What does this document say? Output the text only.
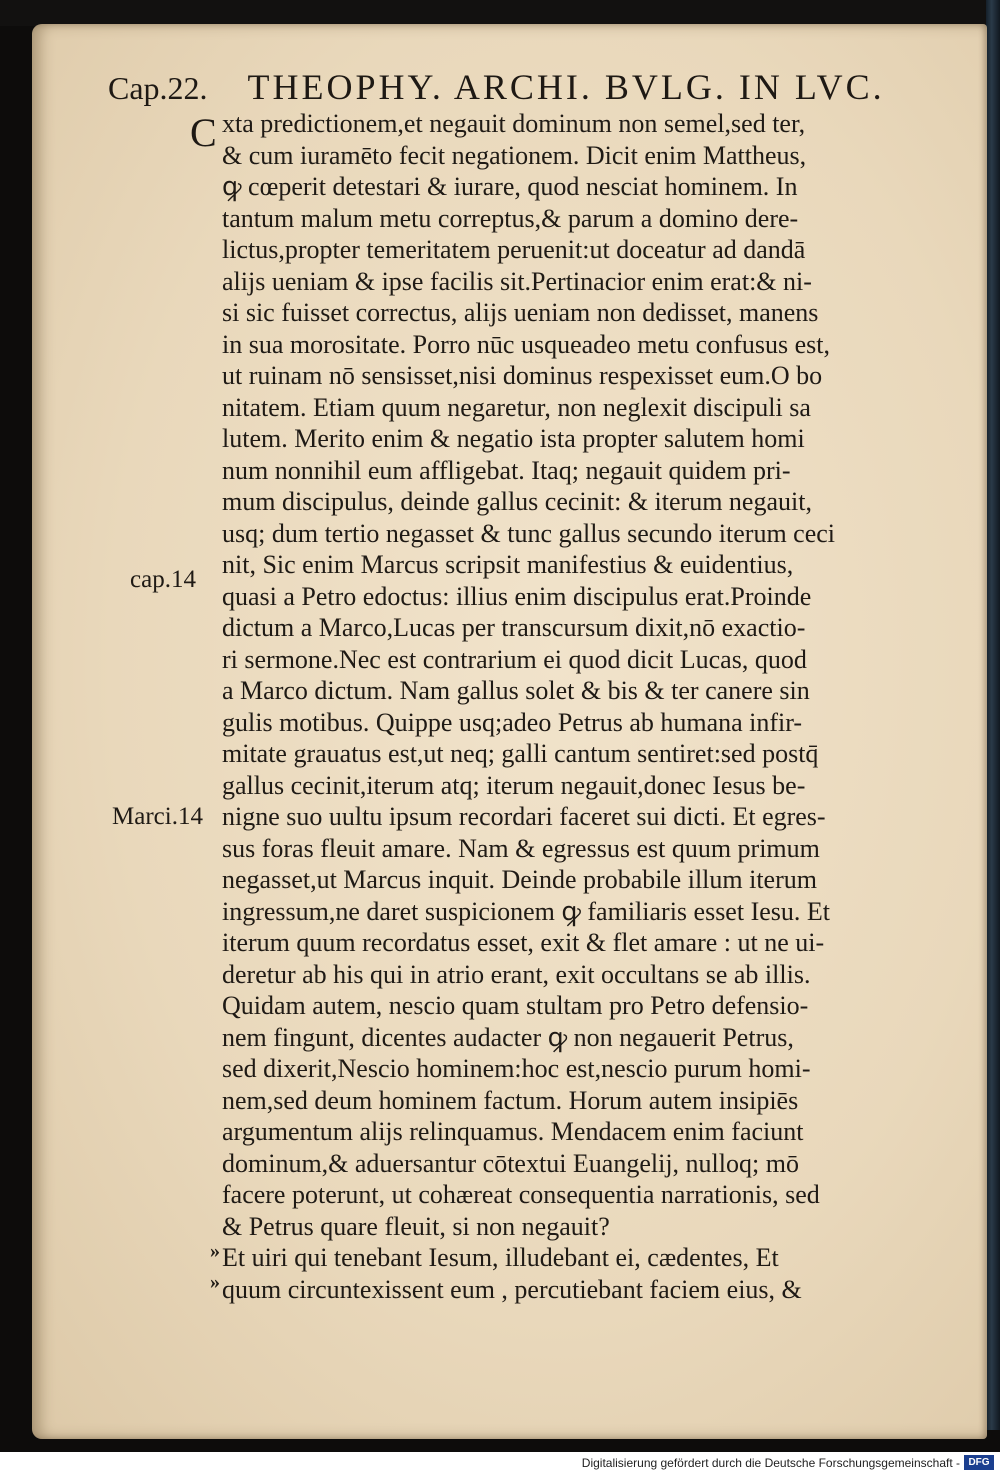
Cap.22. THEOPHY. ARCHI. BVLG. IN LVC.
C xta predictionem,et negauit dominum non semel,sed ter,
& cum iuramēto fecit negationem. Dicit enim Mattheus,
ꝙ cœperit detestari & iurare, quod nesciat hominem. In
tantum malum metu correptus,& parum a domino dere-
lictus,propter temeritatem peruenit:ut doceatur ad dandā
alijs ueniam & ipse facilis sit.Pertinacior enim erat:& ni-
si sic fuisset correctus, alijs ueniam non dedisset, manens
in sua morositate. Porro nūc usqueadeo metu confusus est,
ut ruinam nō sensisset,nisi dominus respexisset eum.O bo
nitatem. Etiam quum negaretur, non neglexit discipuli sa
lutem. Merito enim & negatio ista propter salutem homi
num nonnihil eum affligebat. Itaq; negauit quidem pri-
mum discipulus, deinde gallus cecinit: & iterum negauit,
usq; dum tertio negasset & tunc gallus secundo iterum ceci
nit, Sic enim Marcus scripsit manifestius & euidentius,
quasi a Petro edoctus: illius enim discipulus erat.Proinde
dictum a Marco,Lucas per transcursum dixit,nō exactio-
ri sermone.Nec est contrarium ei quod dicit Lucas, quod
a Marco dictum. Nam gallus solet & bis & ter canere sin
gulis motibus. Quippe usq;adeo Petrus ab humana infir-
mitate grauatus est,ut neq; galli cantum sentiret:sed postq̄
gallus cecinit,iterum atq; iterum negauit,donec Iesus be-
nigne suo uultu ipsum recordari faceret sui dicti. Et egres-
sus foras fleuit amare. Nam & egressus est quum primum
negasset,ut Marcus inquit. Deinde probabile illum iterum
ingressum,ne daret suspicionem ꝙ familiaris esset Iesu. Et
iterum quum recordatus esset, exit & flet amare : ut ne ui-
deretur ab his qui in atrio erant, exit occultans se ab illis.
Quidam autem, nescio quam stultam pro Petro defensio-
nem fingunt, dicentes audacter ꝙ non negauerit Petrus,
sed dixerit,Nescio hominem:hoc est,nescio purum homi-
nem,sed deum hominem factum. Horum autem insipiēs
argumentum alijs relinquamus. Mendacem enim faciunt
dominum,& aduersantur cōtextui Euangelij, nulloq; mō
facere poterunt, ut cohæreat consequentia narrationis, sed
& Petrus quare fleuit, si non negauit?
Et uiri qui tenebant Iesum, illudebant ei, cædentes, Et
quum circuntexissent eum , percutiebant faciem eius, &
cap.14
Marci.14
»
»
Digitalisierung gefördert durch die Deutsche Forschungsgemeinschaft - DFG
